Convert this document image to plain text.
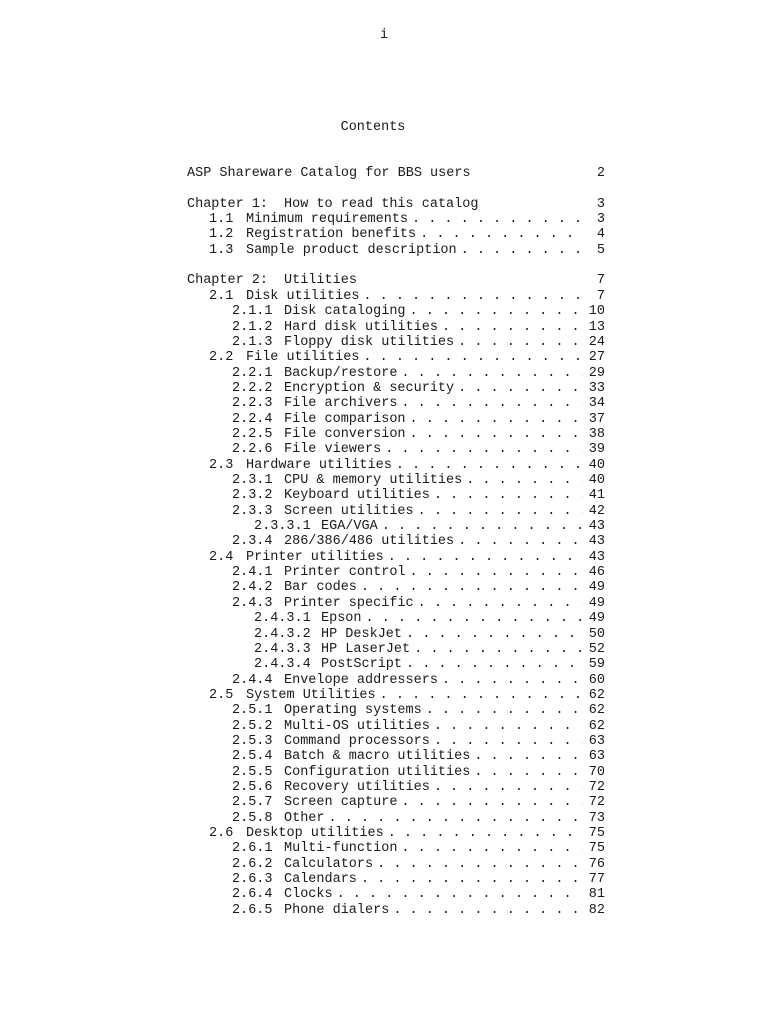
i
Contents
ASP Shareware Catalog for BBS users	2
Chapter 1: How to read this catalog	3
1.1 Minimum requirements . . .	3
1.2 Registration benefits . . .	4
1.3 Sample product description . . .	5
Chapter 2: Utilities	7
2.1 Disk utilities . . .	7
2.1.1 Disk cataloging . . .	10
2.1.2 Hard disk utilities . . .	13
2.1.3 Floppy disk utilities . . .	24
2.2 File utilities . . .	27
2.2.1 Backup/restore . . .	29
2.2.2 Encryption & security . . .	33
2.2.3 File archivers . . .	34
2.2.4 File comparison . . .	37
2.2.5 File conversion . . .	38
2.2.6 File viewers . . .	39
2.3 Hardware utilities . . .	40
2.3.1 CPU & memory utilities . . .	40
2.3.2 Keyboard utilities . . .	41
2.3.3 Screen utilities . . .	42
2.3.3.1 EGA/VGA . . .	43
2.3.4 286/386/486 utilities . . .	43
2.4 Printer utilities . . .	43
2.4.1 Printer control . . .	46
2.4.2 Bar codes . . .	49
2.4.3 Printer specific . . .	49
2.4.3.1 Epson . . .	49
2.4.3.2 HP DeskJet . . .	50
2.4.3.3 HP LaserJet . . .	52
2.4.3.4 PostScript . . .	59
2.4.4 Envelope addressers . . .	60
2.5 System Utilities . . .	62
2.5.1 Operating systems . . .	62
2.5.2 Multi-OS utilities . . .	62
2.5.3 Command processors . . .	63
2.5.4 Batch & macro utilities . . .	63
2.5.5 Configuration utilities . . .	70
2.5.6 Recovery utilities . . .	72
2.5.7 Screen capture . . .	72
2.5.8 Other . . .	73
2.6 Desktop utilities . . .	75
2.6.1 Multi-function . . .	75
2.6.2 Calculators . . .	76
2.6.3 Calendars . . .	77
2.6.4 Clocks . . .	81
2.6.5 Phone dialers . . .	82
